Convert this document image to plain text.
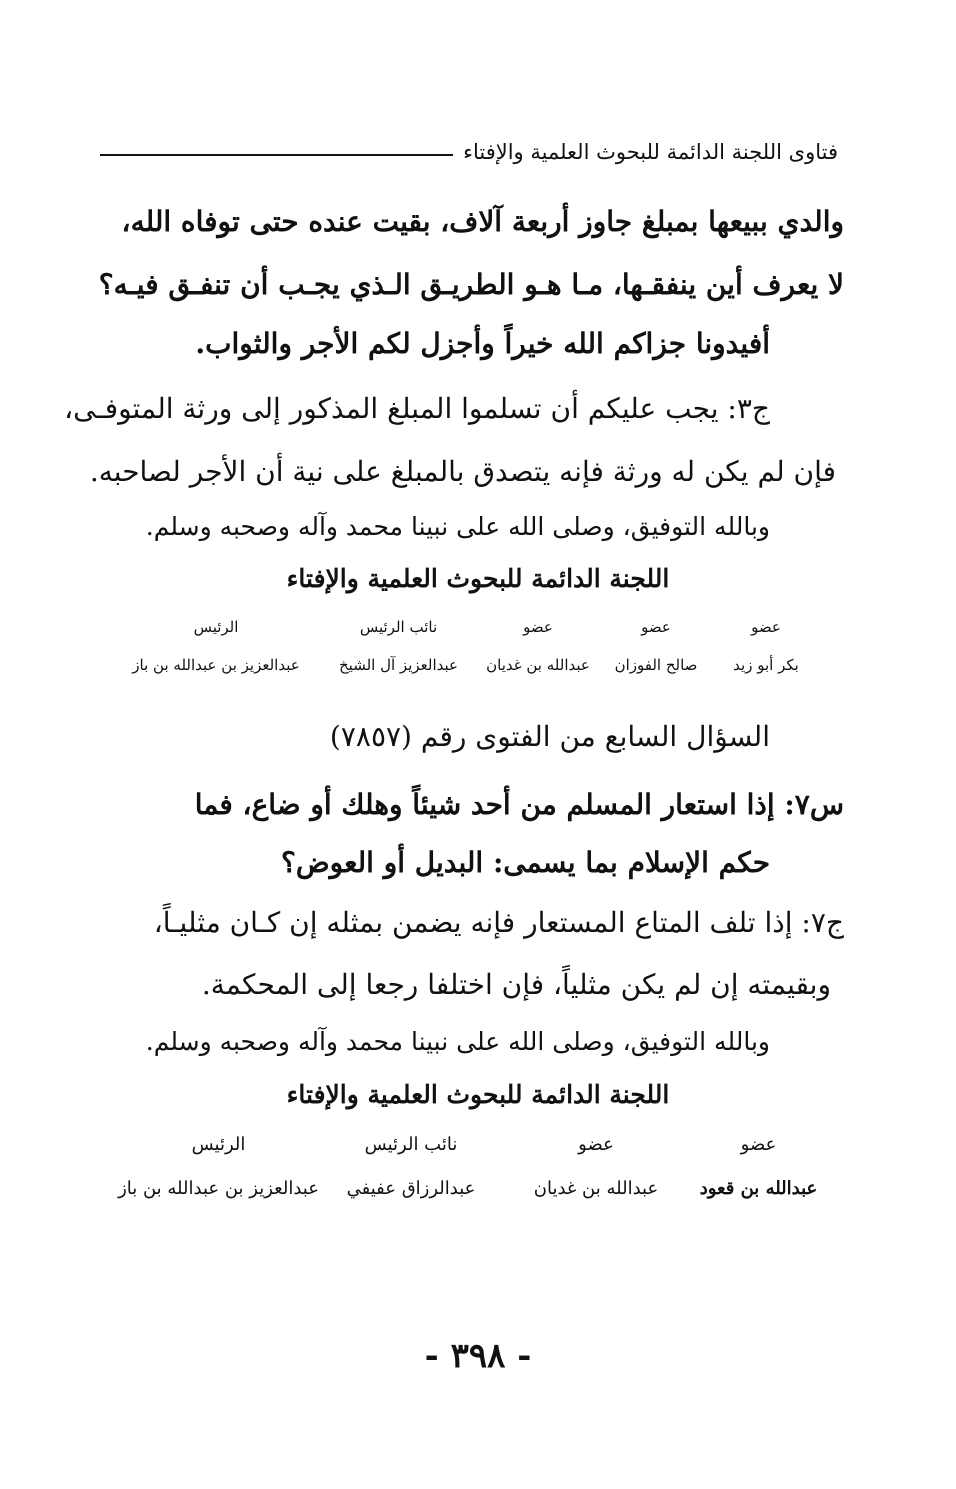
فتاوى اللجنة الدائمة للبحوث العلمية والإفتاء
والدي ببيعها بمبلغ جاوز أربعة آلاف، بقيت عنده حتى توفاه الله،
لا يعرف أين ينفقـها، مـا هـو الطريـق الـذي يجـب أن تنفـق فيـه؟
أفيدونا جزاكم الله خيراً وأجزل لكم الأجر والثواب.
ج٣: يجب عليكم أن تسلموا المبلغ المذكور إلى ورثة المتوفـى،
فإن لم يكن له ورثة فإنه يتصدق بالمبلغ على نية أن الأجر لصاحبه.
وبالله التوفيق، وصلى الله على نبينا محمد وآله وصحبه وسلم.
اللجنة الدائمة للبحوث العلمية والإفتاء
عضو
بكر أبو زيد
عضو
صالح الفوزان
عضو
عبدالله بن غديان
نائب الرئيس
عبدالعزيز آل الشيخ
الرئيس
عبدالعزيز بن عبدالله بن باز
السؤال السابع من الفتوى رقم (٧٨٥٧)
س٧: إذا استعار المسلم من أحد شيئاً وهلك أو ضاع، فما
حكم الإسلام بما يسمى: البديل أو العوض؟
ج٧: إذا تلف المتاع المستعار فإنه يضمن بمثله إن كـان مثليـاً،
وبقيمته إن لم يكن مثلياً، فإن اختلفا رجعا إلى المحكمة.
وبالله التوفيق، وصلى الله على نبينا محمد وآله وصحبه وسلم.
اللجنة الدائمة للبحوث العلمية والإفتاء
عضو
عبدالله بن قعود
عضو
عبدالله بن غديان
نائب الرئيس
عبدالرزاق عفيفي
الرئيس
عبدالعزيز بن عبدالله بن باز
- ٣٩٨ -
